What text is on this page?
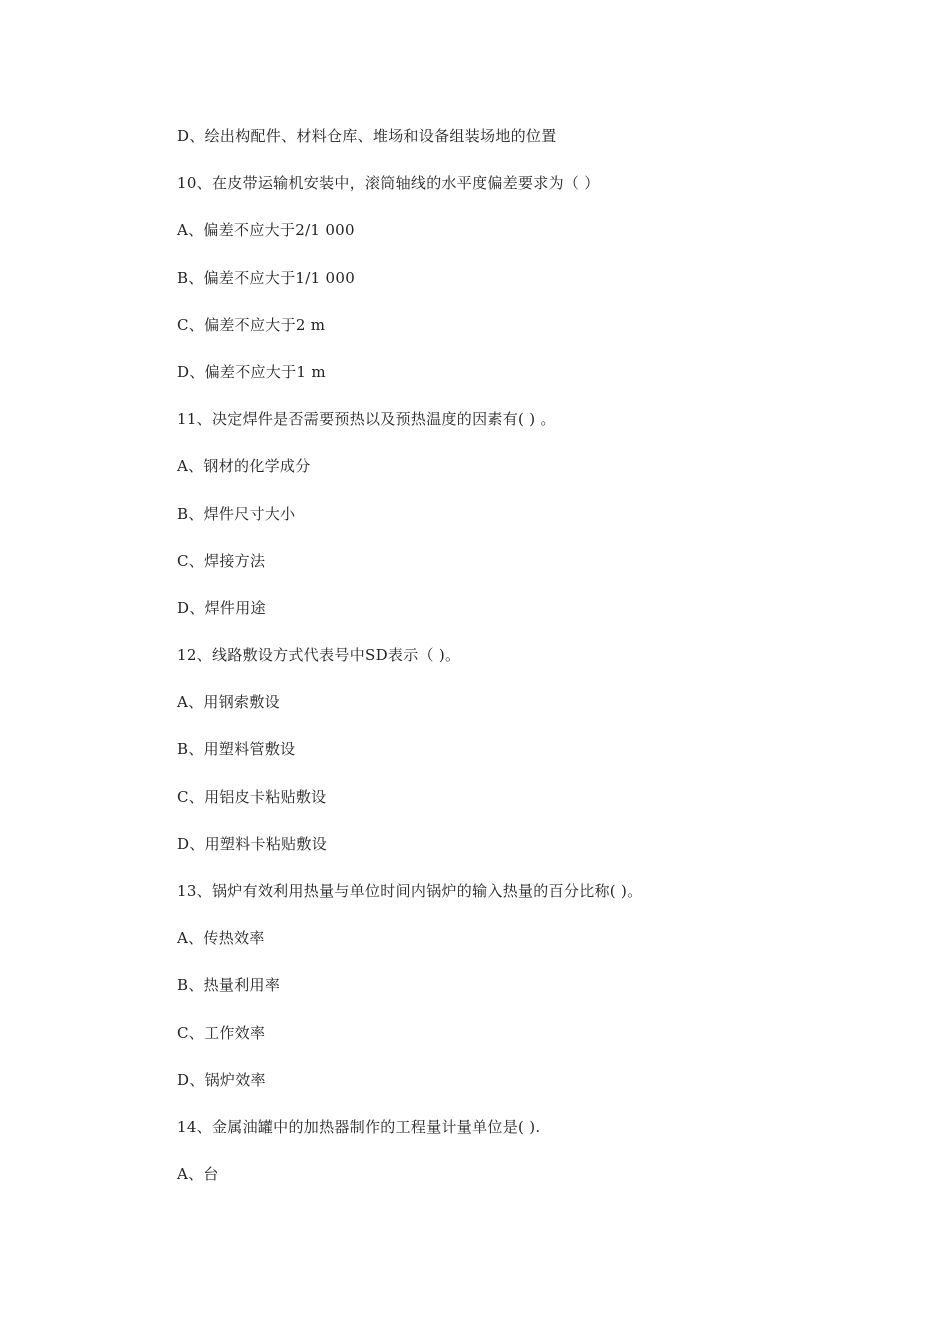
D、绘出构配件、材料仓库、堆场和设备组装场地的位置
10、在皮带运输机安装中，滚筒轴线的水平度偏差要求为（ ）
A、偏差不应大于2/1 000
B、偏差不应大于1/1 000
C、偏差不应大于2 m
D、偏差不应大于1 m
11、决定焊件是否需要预热以及预热温度的因素有( ) 。
A、钢材的化学成分
B、焊件尺寸大小
C、焊接方法
D、焊件用途
12、线路敷设方式代表号中SD表示（ )。
A、用钢索敷设
B、用塑料管敷设
C、用铝皮卡粘贴敷设
D、用塑料卡粘贴敷设
13、锅炉有效利用热量与单位时间内锅炉的输入热量的百分比称( )。
A、传热效率
B、热量利用率
C、工作效率
D、锅炉效率
14、金属油罐中的加热器制作的工程量计量单位是( ).
A、台
